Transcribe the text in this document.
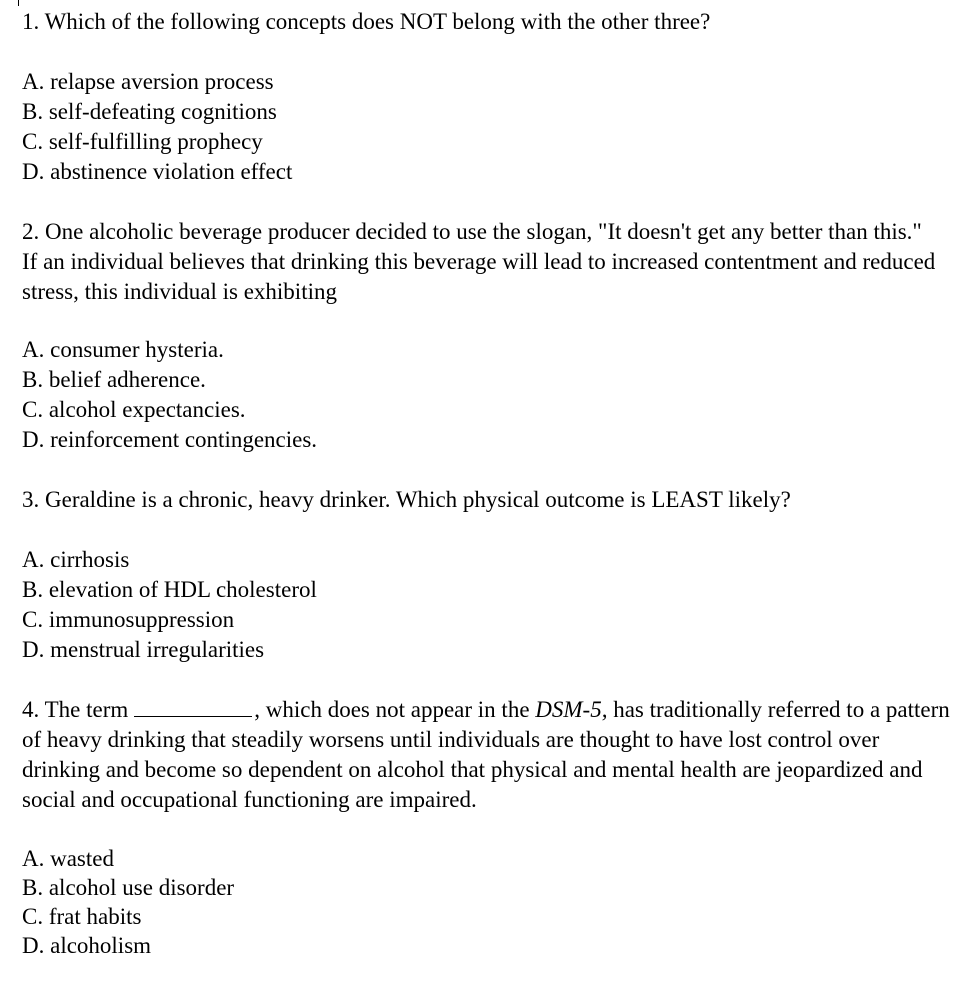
1. Which of the following concepts does NOT belong with the other three?

A. relapse aversion process
B. self-defeating cognitions
C. self-fulfilling prophecy
D. abstinence violation effect

2. One alcoholic beverage producer decided to use the slogan, "It doesn't get any better than this." If an individual believes that drinking this beverage will lead to increased contentment and reduced stress, this individual is exhibiting

A. consumer hysteria.
B. belief adherence.
C. alcohol expectancies.
D. reinforcement contingencies.

3. Geraldine is a chronic, heavy drinker. Which physical outcome is LEAST likely?

A. cirrhosis
B. elevation of HDL cholesterol
C. immunosuppression
D. menstrual irregularities

4. The term	, which does not appear in the DSM-5, has traditionally referred to a pattern of heavy drinking that steadily worsens until individuals are thought to have lost control over drinking and become so dependent on alcohol that physical and mental health are jeopardized and social and occupational functioning are impaired.

A. wasted
B. alcohol use disorder
C. frat habits
D. alcoholism
